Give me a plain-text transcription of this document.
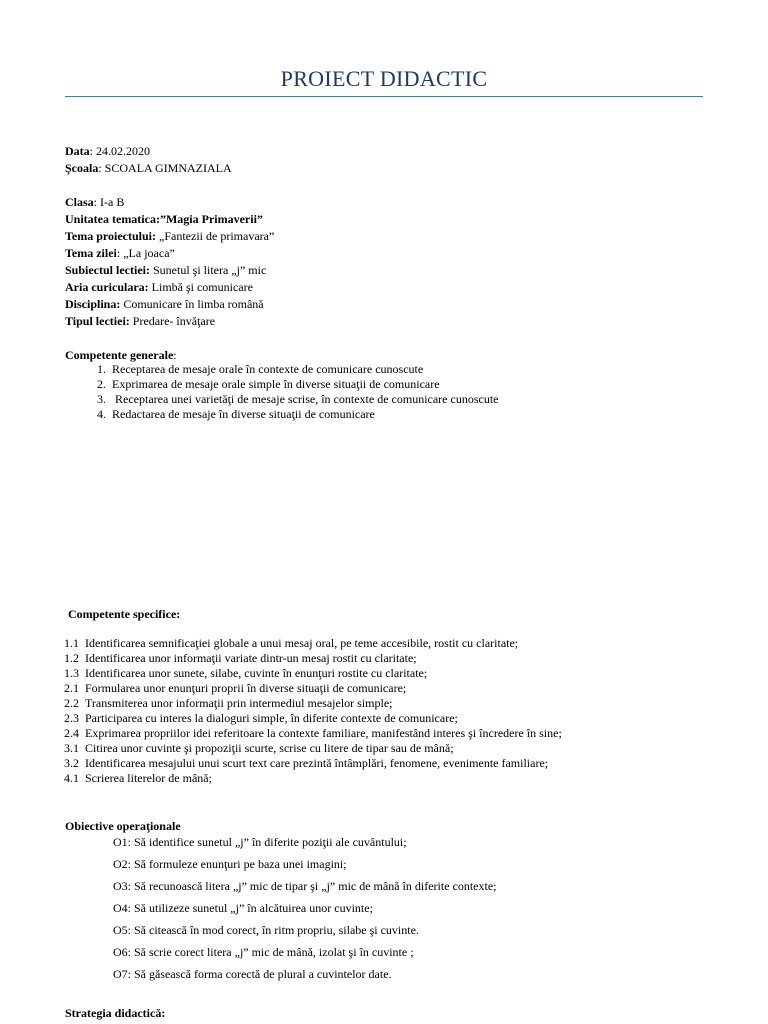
PROIECT DIDACTIC
Data: 24.02.2020
Şcoala: SCOALA GIMNAZIALA
Clasa: I-a B
Unitatea tematica:”Magia Primaverii”
Tema proiectului: „Fantezii de primavara”
Tema zilei: „La joaca”
Subiectul lectiei: Sunetul şi litera „j” mic
Aria curiculara: Limbă şi comunicare
Disciplina: Comunicare în limba română
Tipul lectiei: Predare- învăţare
Competente generale:
1. Receptarea de mesaje orale în contexte de comunicare cunoscute
2. Exprimarea de mesaje orale simple în diverse situaţii de comunicare
3.   Receptarea unei varietăţi de mesaje scrise, în contexte de comunicare cunoscute
4. Redactarea de mesaje în diverse situaţii de comunicare
Competente specifice:
1.1 Identificarea semnificaţiei globale a unui mesaj oral, pe teme accesibile, rostit cu claritate;
1.2 Identificarea unor informaţii variate dintr-un mesaj rostit cu claritate;
1.3 Identificarea unor sunete, silabe, cuvinte în enunţuri rostite cu claritate;
2.1 Formularea unor enunţuri proprii în diverse situaţii de comunicare;
2.2 Transmiterea unor informaţii prin intermediul mesajelor simple;
2.3 Participarea cu interes la dialoguri simple, în diferite contexte de comunicare;
2.4 Exprimarea propriilor idei referitoare la contexte familiare, manifestând interes şi încredere în sine;
3.1 Citirea unor cuvinte şi propoziţii scurte, scrise cu litere de tipar sau de mână;
3.2 Identificarea mesajului unui scurt text care prezintă întâmplări, fenomene, evenimente familiare;
4.1 Scrierea literelor de mână;
Obiective operaţionale
O1: Să identifice sunetul „j” în diferite poziţii ale cuvântului;
O2: Să formuleze enunţuri pe baza unei imagini;
O3: Să recunoască litera „j” mic de tipar şi „j” mic de mână în diferite contexte;
O4: Să utilizeze sunetul „j” în alcătuirea unor cuvinte;
O5: Să citească în mod corect, în ritm propriu, silabe şi cuvinte.
O6: Să scrie corect litera „j” mic de mână, izolat şi în cuvinte ;
O7: Să găsească forma corectă de plural a cuvintelor date.
Strategia didactică:
